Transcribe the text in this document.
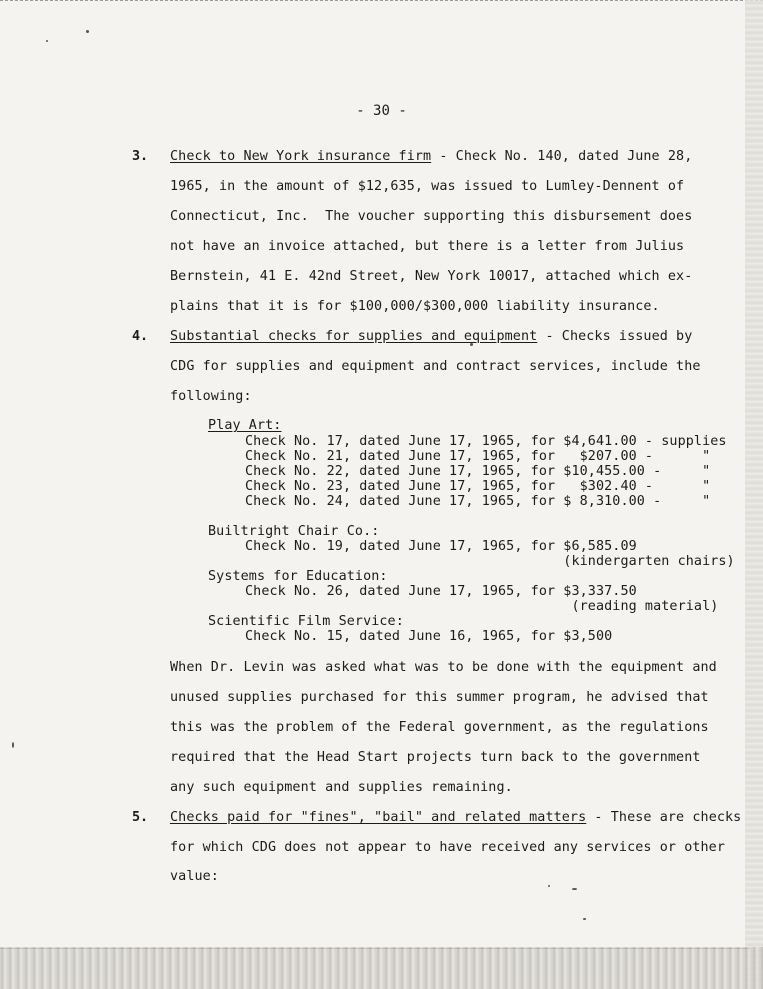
- 30 -
3. Check to New York insurance firm - Check No. 140, dated June 28,
1965, in the amount of $12,635, was issued to Lumley-Dennent of
Connecticut, Inc.  The voucher supporting this disbursement does
not have an invoice attached, but there is a letter from Julius
Bernstein, 41 E. 42nd Street, New York 10017, attached which ex-
plains that it is for $100,000/$300,000 liability insurance.
4. Substantial checks for supplies and equipment - Checks issued by
CDG for supplies and equipment and contract services, include the
following:
Play Art:
Check No. 17, dated June 17, 1965, for $4,641.00 - supplies
Check No. 21, dated June 17, 1965, for   $207.00 -      "
Check No. 22, dated June 17, 1965, for $10,455.00 -     "
Check No. 23, dated June 17, 1965, for   $302.40 -      "
Check No. 24, dated June 17, 1965, for $ 8,310.00 -     "
Builtright Chair Co.:
Check No. 19, dated June 17, 1965, for $6,585.09
(kindergarten chairs)
Systems for Education:
Check No. 26, dated June 17, 1965, for $3,337.50
(reading material)
Scientific Film Service:
Check No. 15, dated June 16, 1965, for $3,500
When Dr. Levin was asked what was to be done with the equipment and
unused supplies purchased for this summer program, he advised that
this was the problem of the Federal government, as the regulations
required that the Head Start projects turn back to the government
any such equipment and supplies remaining.
5. Checks paid for "fines", "bail" and related matters - These are checks
for which CDG does not appear to have received any services or other
value:
